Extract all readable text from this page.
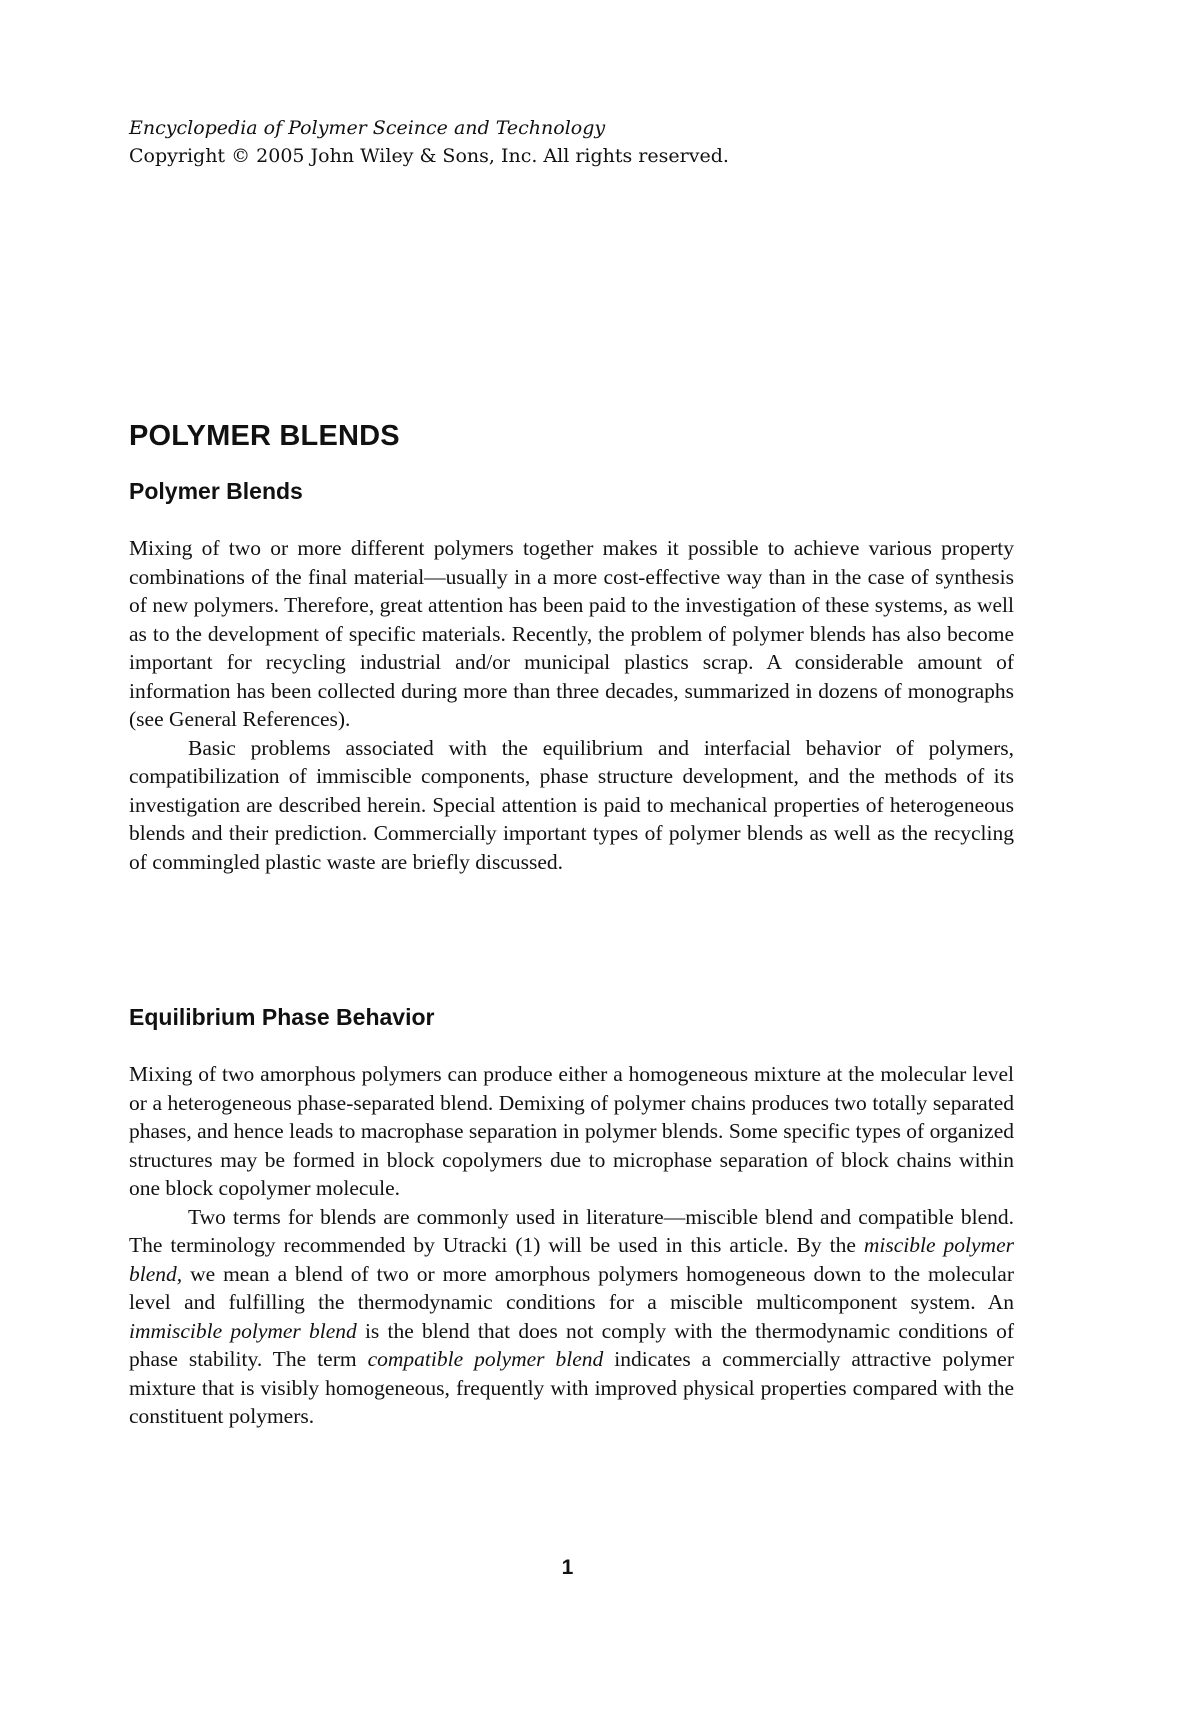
Encyclopedia of Polymer Sceince and Technology
Copyright © 2005 John Wiley & Sons, Inc. All rights reserved.
POLYMER BLENDS
Polymer Blends

Mixing of two or more different polymers together makes it possible to achieve various property combinations of the final material—usually in a more cost-effective way than in the case of synthesis of new polymers. Therefore, great attention has been paid to the investigation of these systems, as well as to the development of specific materials. Recently, the problem of polymer blends has also become important for recycling industrial and/or municipal plastics scrap. A considerable amount of information has been collected during more than three decades, summarized in dozens of monographs (see General References).

Basic problems associated with the equilibrium and interfacial behavior of polymers, compatibilization of immiscible components, phase structure development, and the methods of its investigation are described herein. Special attention is paid to mechanical properties of heterogeneous blends and their prediction. Commercially important types of polymer blends as well as the recycling of commingled plastic waste are briefly discussed.

Equilibrium Phase Behavior

Mixing of two amorphous polymers can produce either a homogeneous mixture at the molecular level or a heterogeneous phase-separated blend. Demixing of polymer chains produces two totally separated phases, and hence leads to macrophase separation in polymer blends. Some specific types of organized structures may be formed in block copolymers due to microphase separation of block chains within one block copolymer molecule.

Two terms for blends are commonly used in literature—miscible blend and compatible blend. The terminology recommended by Utracki (1) will be used in this article. By the miscible polymer blend, we mean a blend of two or more amorphous polymers homogeneous down to the molecular level and fulfilling the thermodynamic conditions for a miscible multicomponent system. An immiscible polymer blend is the blend that does not comply with the thermodynamic conditions of phase stability. The term compatible polymer blend indicates a commercially attractive polymer mixture that is visibly homogeneous, frequently with improved physical properties compared with the constituent polymers.

1
